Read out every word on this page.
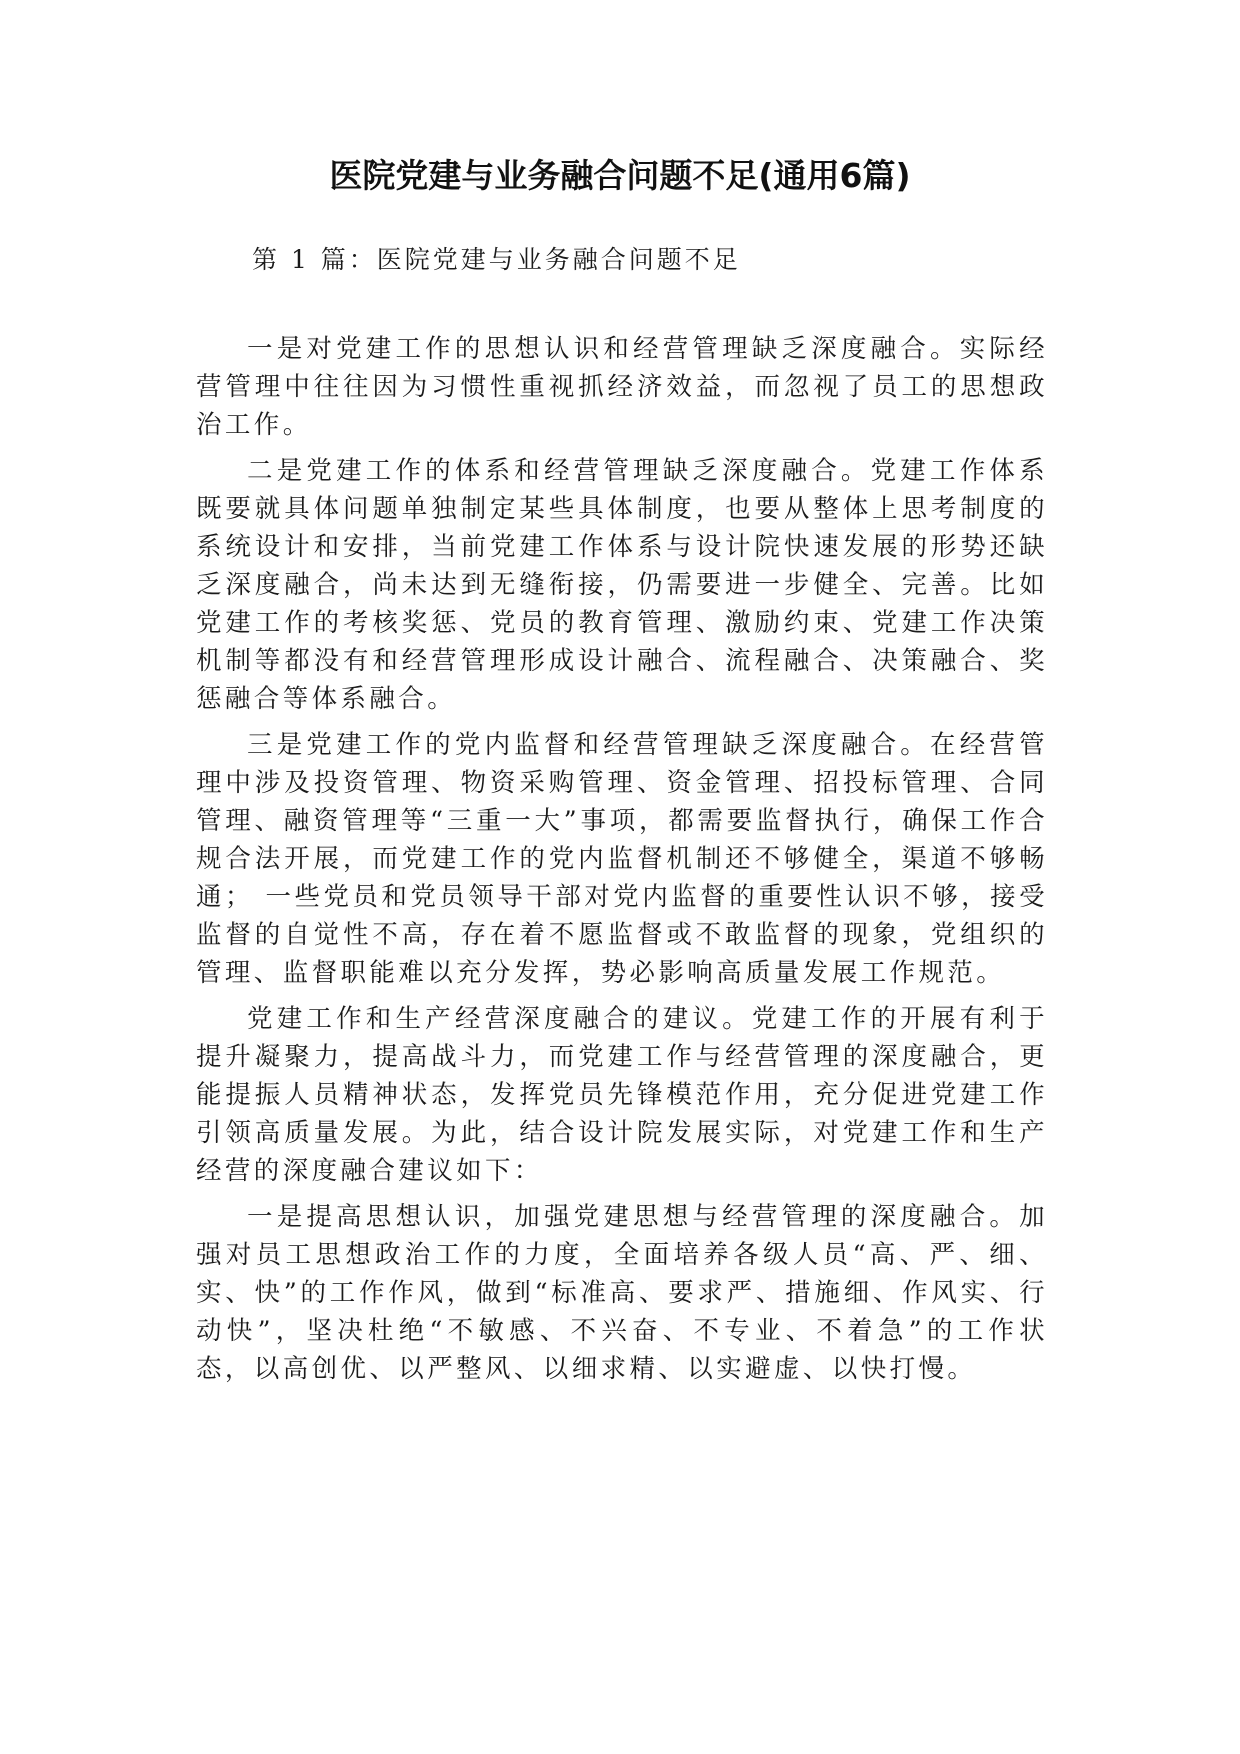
医院党建与业务融合问题不足(通用6篇)
第 1 篇：医院党建与业务融合问题不足

一是对党建工作的思想认识和经营管理缺乏深度融合。实际经营管理中往往因为习惯性重视抓经济效益，而忽视了员工的思想政治工作。

二是党建工作的体系和经营管理缺乏深度融合。党建工作体系既要就具体问题单独制定某些具体制度，也要从整体上思考制度的系统设计和安排，当前党建工作体系与设计院快速发展的形势还缺乏深度融合，尚未达到无缝衔接，仍需要进一步健全、完善。比如党建工作的考核奖惩、党员的教育管理、激励约束、党建工作决策机制等都没有和经营管理形成设计融合、流程融合、决策融合、奖惩融合等体系融合。

三是党建工作的党内监督和经营管理缺乏深度融合。在经营管理中涉及投资管理、物资采购管理、资金管理、招投标管理、合同管理、融资管理等“三重一大”事项，都需要监督执行，确保工作合规合法开展，而党建工作的党内监督机制还不够健全，渠道不够畅通； 一些党员和党员领导干部对党内监督的重要性认识不够，接受监督的自觉性不高，存在着不愿监督或不敢监督的现象，党组织的管理、监督职能难以充分发挥，势必影响高质量发展工作规范。

党建工作和生产经营深度融合的建议。党建工作的开展有利于提升凝聚力，提高战斗力，而党建工作与经营管理的深度融合，更能提振人员精神状态，发挥党员先锋模范作用，充分促进党建工作引领高质量发展。为此，结合设计院发展实际，对党建工作和生产经营的深度融合建议如下：

一是提高思想认识，加强党建思想与经营管理的深度融合。加强对员工思想政治工作的力度，全面培养各级人员“高、严、细、实、快”的工作作风，做到“标准高、要求严、措施细、作风实、行动快”，坚决杜绝“不敏感、不兴奋、不专业、不着急”的工作状态，以高创优、以严整风、以细求精、以实避虚、以快打慢。
